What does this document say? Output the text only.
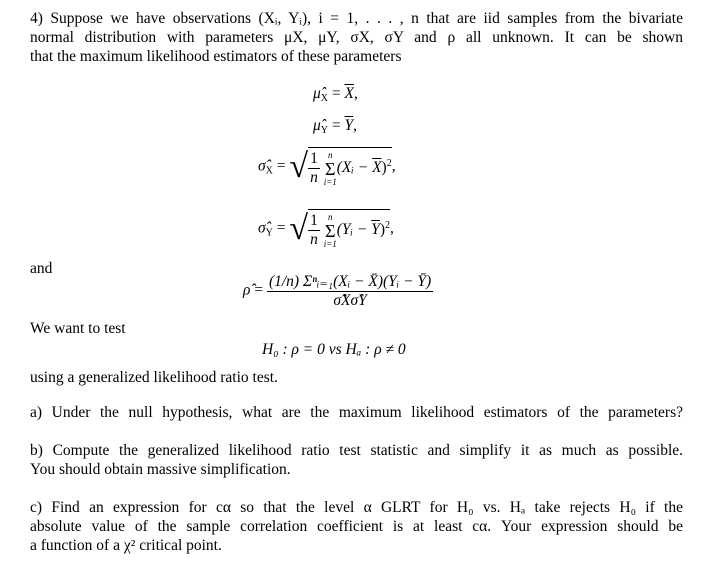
4) Suppose we have observations (Xᵢ, Yᵢ), i = 1, . . . , n that are iid samples from the bivariate
normal distribution with parameters μX, μY, σX, σY and ρ all unknown. It can be shown
that the maximum likelihood estimators of these parameters
$\mû_X = \overline{X}$,
$\mû_Y = \overline{Y}$,
$\sigmâ_X$ = √ $\frac{1}{n}$
n
Σ
i=1
(Xᵢ − $\overline{X})^2$,
$\sigmâ_Y$ = √ $\frac{1}{n}$
n
Σ
i=1
(Yᵢ − $\overline{Y})^2$,
and
ρ̂ = $\frac{\text{(1/n) Σⁿᵢ₌₁(Xᵢ − X̄)(Yᵢ − Ȳ)}}{\sigmâX\sigmâY}$
We want to test
H₀ : ρ = 0 vs Hₐ : ρ ≠ 0
using a generalized likelihood ratio test.
a) Under the null hypothesis, what are the maximum likelihood estimators of the parameters?
b) Compute the generalized likelihood ratio test statistic and simplify it as much as possible.
You should obtain massive simplification.
c) Find an expression for cα so that the level α GLRT for H₀ vs. Hₐ take rejects H₀ if the
absolute value of the sample correlation coefficient is at least cα. Your expression should be
a function of a χ² critical point.
